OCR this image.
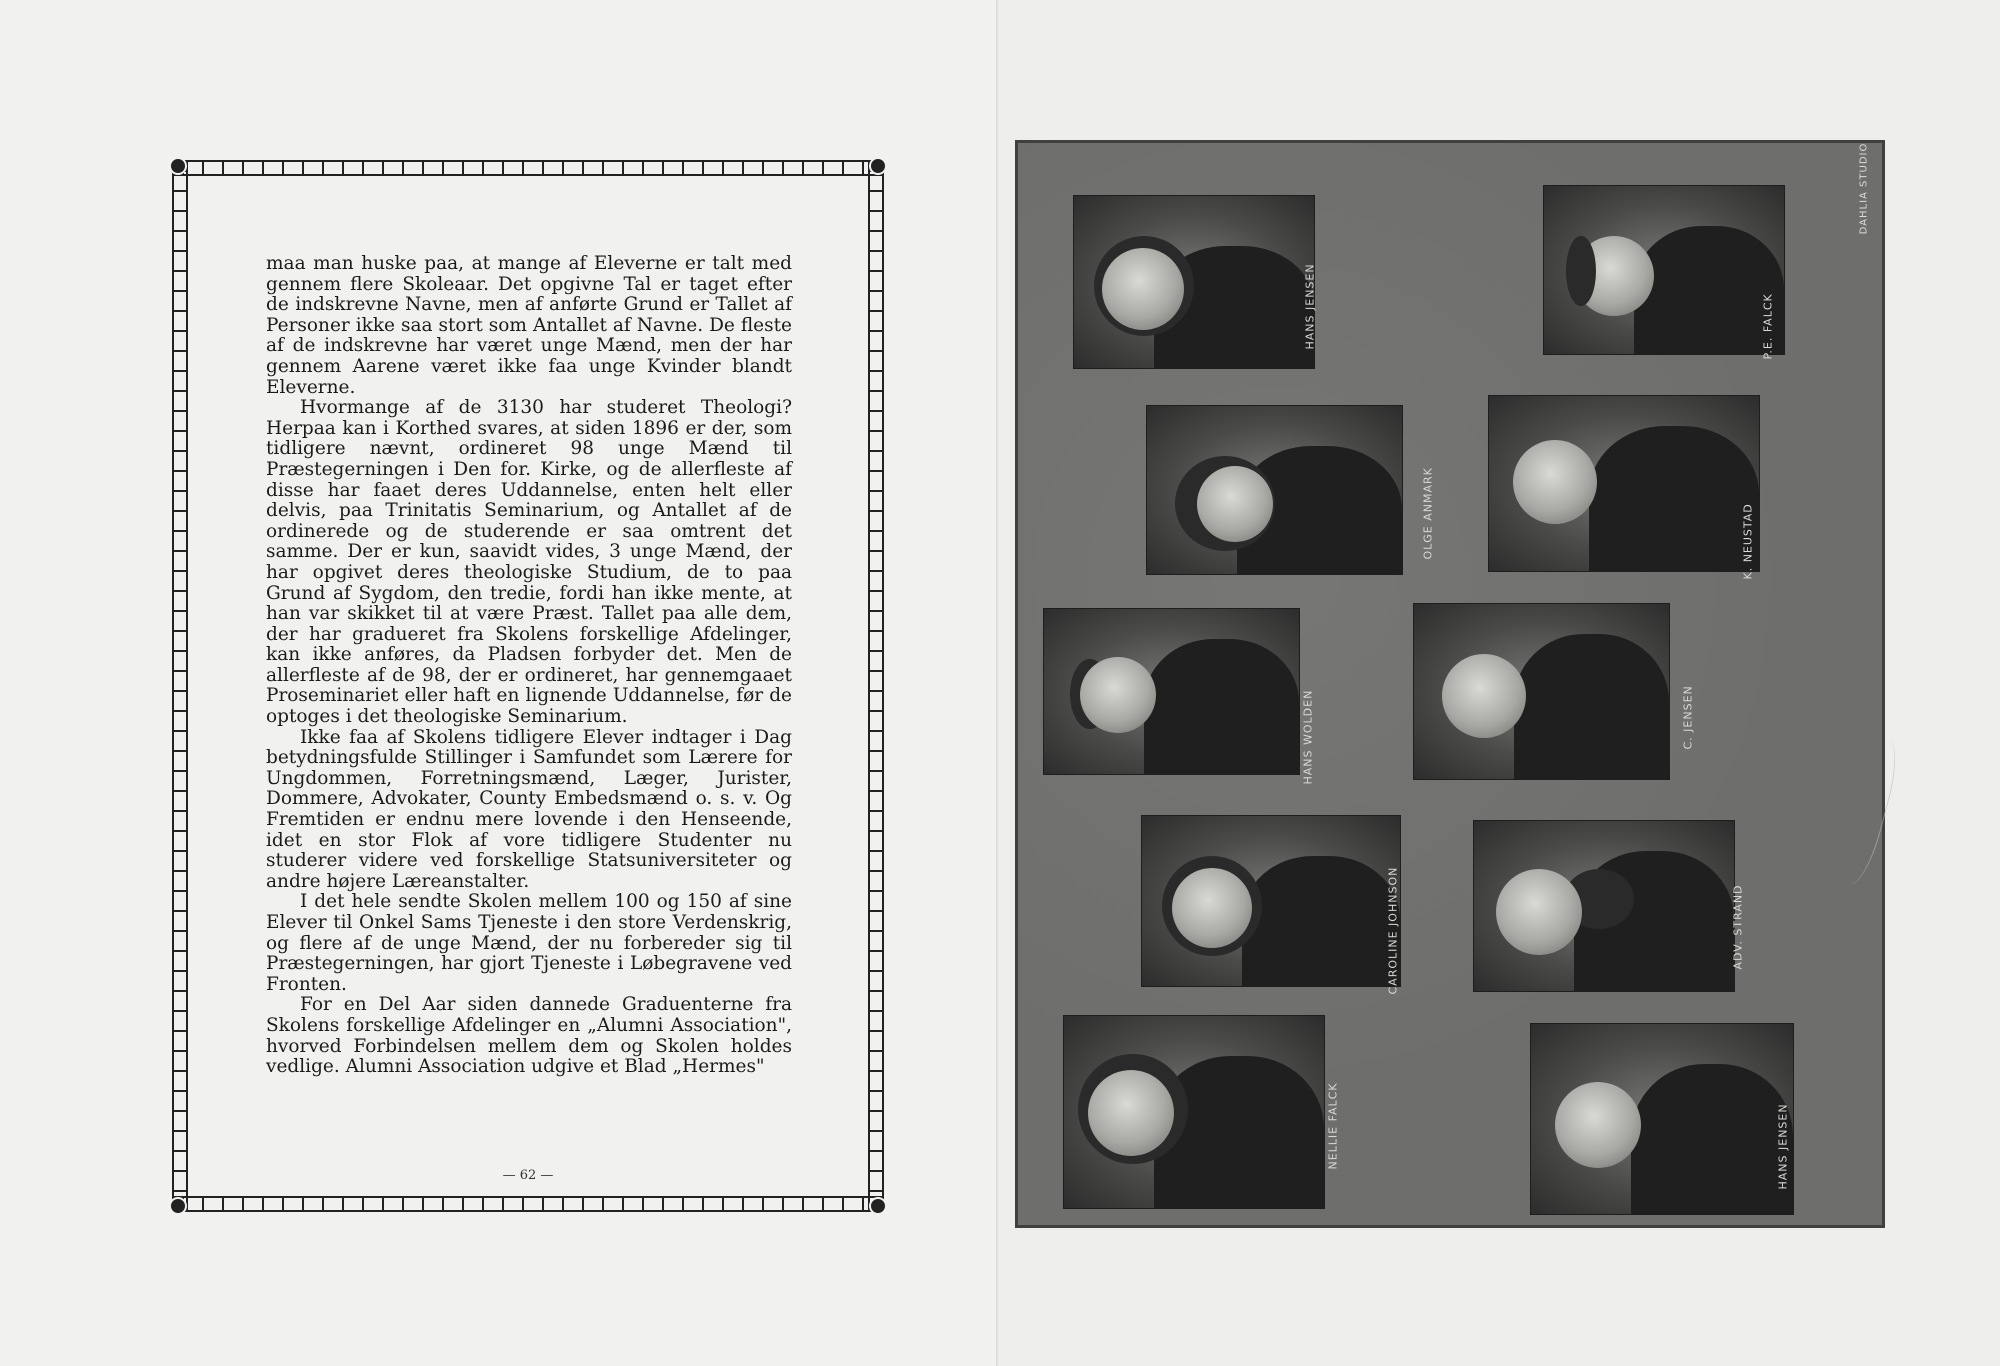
maa man huske paa, at mange af Eleverne er talt med gennem flere Skoleaar. Det opgivne Tal er taget efter de indskrevne Navne, men af anførte Grund er Tallet af Personer ikke saa stort som Antallet af Navne. De fleste af de indskrevne har været unge Mænd, men der har gennem Aarene været ikke faa unge Kvinder blandt Eleverne.

Hvormange af de 3130 har studeret Theologi? Herpaa kan i Korthed svares, at siden 1896 er der, som tidligere nævnt, ordineret 98 unge Mænd til Præstegerningen i Den for. Kirke, og de allerfleste af disse har faaet deres Uddannelse, enten helt eller delvis, paa Trinitatis Seminarium, og Antallet af de ordinerede og de studerende er saa omtrent det samme. Der er kun, saavidt vides, 3 unge Mænd, der har opgivet deres theologiske Studium, de to paa Grund af Sygdom, den tredie, fordi han ikke mente, at han var skikket til at være Præst. Tallet paa alle dem, der har gradueret fra Skolens forskellige Afdelinger, kan ikke anføres, da Pladsen forbyder det. Men de allerfleste af de 98, der er ordineret, har gennemgaaet Proseminariet eller haft en lignende Uddannelse, før de optoges i det theologiske Seminarium.

Ikke faa af Skolens tidligere Elever indtager i Dag betydningsfulde Stillinger i Samfundet som Lærere for Ungdommen, Forretningsmænd, Læger, Jurister, Dommere, Advokater, County Embedsmænd o. s. v. Og Fremtiden er endnu mere lovende i den Henseende, idet en stor Flok af vore tidligere Studenter nu studerer videre ved forskellige Statsuniversiteter og andre højere Læreanstalter.

I det hele sendte Skolen mellem 100 og 150 af sine Elever til Onkel Sams Tjeneste i den store Verdenskrig, og flere af de unge Mænd, der nu forbereder sig til Præstegerningen, har gjort Tjeneste i Løbegravene ved Fronten.

For en Del Aar siden dannede Graduenterne fra Skolens forskellige Afdelinger en „Alumni Association", hvorved Forbindelsen mellem dem og Skolen holdes vedlige. Alumni Association udgive et Blad „Hermes"

— 62 —
DAHLIA STUDIO
HANS JENSEN	P.E. FALCK
OLGE ANMARK	K. NEUSTAD
HANS WOLDEN	C. JENSEN
CAROLINE JOHNSON	ADV. STRAND
NELLIE FALCK	HANS JENSEN
